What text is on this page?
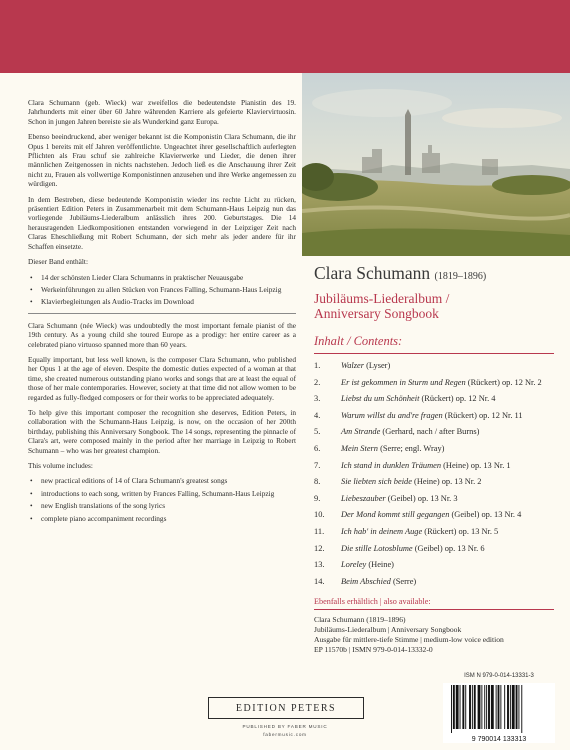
Clara Schumann (geb. Wieck) war zweifellos die bedeutendste Pianistin des 19. Jahrhunderts mit einer über 60 Jahre währenden Karriere als gefeierte Klaviervirtuosin. Schon in jungen Jahren bereiste sie als Wunderkind ganz Europa.

Ebenso beeindruckend, aber weniger bekannt ist die Komponistin Clara Schumann, die ihr Opus 1 bereits mit elf Jahren veröffentlichte. Ungeachtet ihrer gesellschaftlich auferlegten Pflichten als Frau schuf sie zahlreiche Klavierwerke und Lieder, die denen ihrer männlichen Zeitgenossen in nichts nachstehen. Jedoch ließ es die Anschauung ihrer Zeit nicht zu, Frauen als vollwertige Komponistinnen anzusehen und ihre Werke angemessen zu würdigen.

In dem Bestreben, diese bedeutende Komponistin wieder ins rechte Licht zu rücken, präsentiert Edition Peters in Zusammenarbeit mit dem Schumann-Haus Leipzig nun das vorliegende Jubiläums-Liederalbum anlässlich ihres 200. Geburtstages. Die 14 herausragenden Liedkompositionen entstanden vorwiegend in der Leipziger Zeit nach Claras Eheschließung mit Robert Schumann, der sich mehr als jeder andere für ihr Schaffen einsetzte.

Dieser Band enthält:

• 14 der schönsten Lieder Clara Schumanns in praktischer Neuausgabe
• Werkeinführungen zu allen Stücken von Frances Falling, Schumann-Haus Leipzig
• Klavierbegleitungen als Audio-Tracks im Download

Clara Schumann (née Wieck) was undoubtedly the most important female pianist of the 19th century. As a young child she toured Europe as a prodigy: her entire career as a celebrated piano virtuoso spanned more than 60 years.

Equally important, but less well known, is the composer Clara Schumann, who published her Opus 1 at the age of eleven. Despite the domestic duties expected of a woman at that time, she created numerous outstanding piano works and songs that are at least the equal of those of her male contemporaries. However, society at that time did not allow women to be regarded as fully-fledged composers or for their works to be appreciated adequately.

To help give this important composer the recognition she deserves, Edition Peters, in collaboration with the Schumann-Haus Leipzig, is now, on the occasion of her 200th birthday, publishing this Anniversary Songbook. The 14 songs, representing the pinnacle of Clara's art, were composed mainly in the period after her marriage in Leipzig to Robert Schumann – who was her greatest champion.

This volume includes:

• new practical editions of 14 of Clara Schumann's greatest songs
• introductions to each song, written by Frances Falling, Schumann-Haus Leipzig
• new English translations of the song lyrics
• complete piano accompaniment recordings
Clara Schumann (1819–1896)
Jubiläums-Liederalbum /
Anniversary Songbook
Inhalt / Contents:
1. Walzer (Lyser)
2. Er ist gekommen in Sturm und Regen (Rückert) op. 12 Nr. 2
3. Liebst du um Schönheit (Rückert) op. 12 Nr. 4
4. Warum willst du and're fragen (Rückert) op. 12 Nr. 11
5. Am Strande (Gerhard, nach / after Burns)
6. Mein Stern (Serre; engl. Wray)
7. Ich stand in dunklen Träumen (Heine) op. 13 Nr. 1
8. Sie liebten sich beide (Heine) op. 13 Nr. 2
9. Liebeszauber (Geibel) op. 13 Nr. 3
10. Der Mond kommt still gegangen (Geibel) op. 13 Nr. 4
11. Ich hab' in deinem Auge (Rückert) op. 13 Nr. 5
12. Die stille Lotosblume (Geibel) op. 13 Nr. 6
13. Loreley (Heine)
14. Beim Abschied (Serre)
Ebenfalls erhältlich | also available:
Clara Schumann (1819–1896)
Jubiläums-Liederalbum | Anniversary Songbook
Ausgabe für mittlere-tiefe Stimme | medium-low voice edition
EP 11570b | ISMN 979-0-014-13332-0
EDITION PETERS
PUBLISHED BY FABER MUSIC
fabermusic.com
ISM N 979-0-014-13331-3
9 790014 133313
